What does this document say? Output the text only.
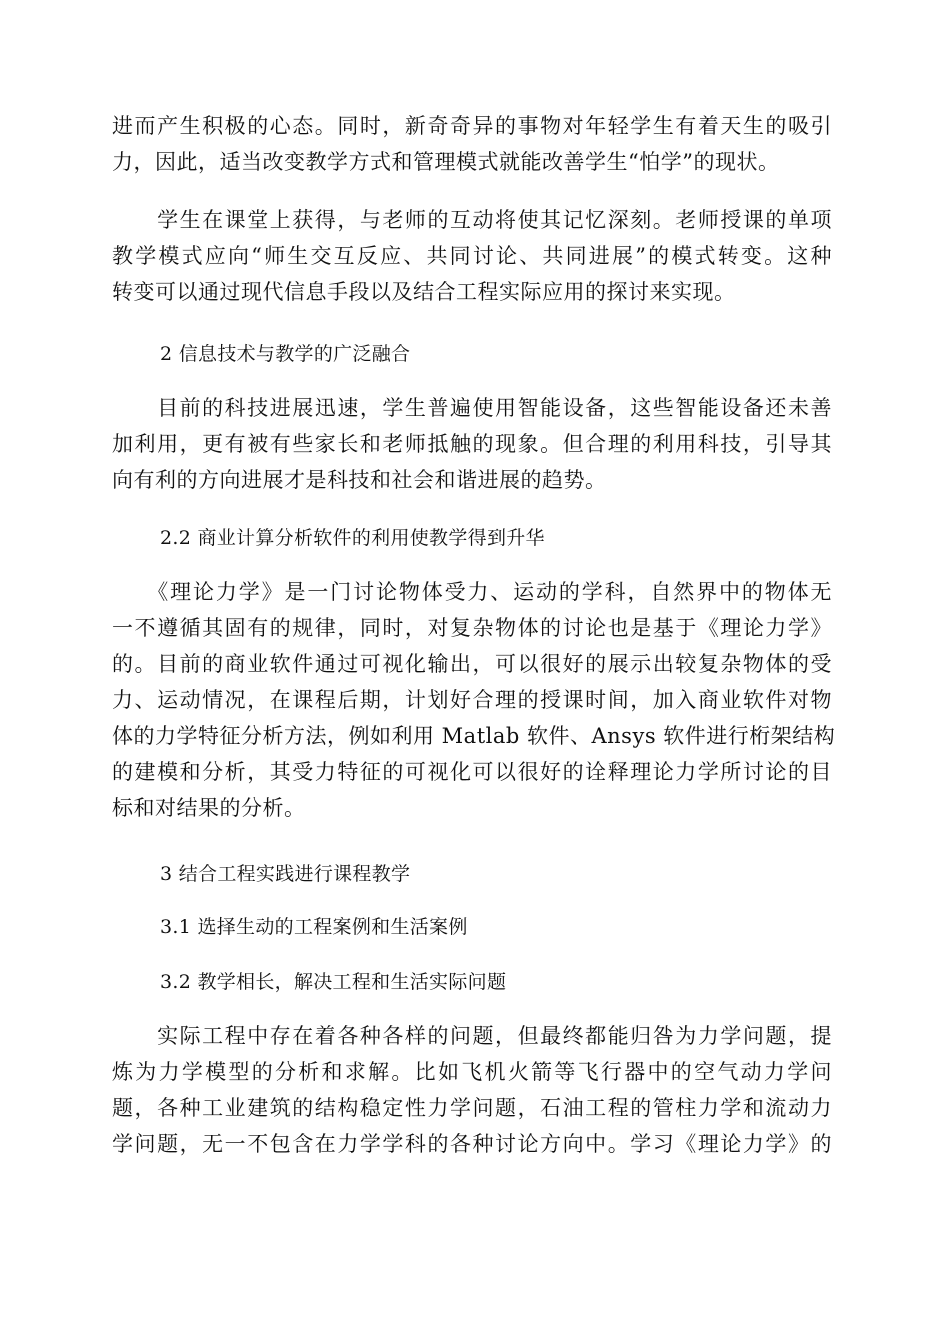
进而产生积极的心态。同时，新奇奇异的事物对年轻学生有着天生的吸引
力，因此，适当改变教学方式和管理模式就能改善学生“怕学”的现状。
　　学生在课堂上获得，与老师的互动将使其记忆深刻。老师授课的单项
教学模式应向“师生交互反应、共同讨论、共同进展”的模式转变。这种
转变可以通过现代信息手段以及结合工程实际应用的探讨来实现。

2 信息技术与教学的广泛融合

　　目前的科技进展迅速，学生普遍使用智能设备，这些智能设备还未善
加利用，更有被有些家长和老师抵触的现象。但合理的利用科技，引导其
向有利的方向进展才是科技和社会和谐进展的趋势。

2.2 商业计算分析软件的利用使教学得到升华

　　《理论力学》是一门讨论物体受力、运动的学科，自然界中的物体无
一不遵循其固有的规律，同时，对复杂物体的讨论也是基于《理论力学》
的。目前的商业软件通过可视化输出，可以很好的展示出较复杂物体的受
力、运动情况，在课程后期，计划好合理的授课时间，加入商业软件对物
体的力学特征分析方法，例如利用 Matlab 软件、Ansys 软件进行桁架结构
的建模和分析，其受力特征的可视化可以很好的诠释理论力学所讨论的目
标和对结果的分析。

3 结合工程实践进行课程教学

3.1 选择生动的工程案例和生活案例

3.2 教学相长，解决工程和生活实际问题

　　实际工程中存在着各种各样的问题，但最终都能归咎为力学问题，提
炼为力学模型的分析和求解。比如飞机火箭等飞行器中的空气动力学问
题，各种工业建筑的结构稳定性力学问题，石油工程的管柱力学和流动力
学问题，无一不包含在力学学科的各种讨论方向中。学习《理论力学》的
